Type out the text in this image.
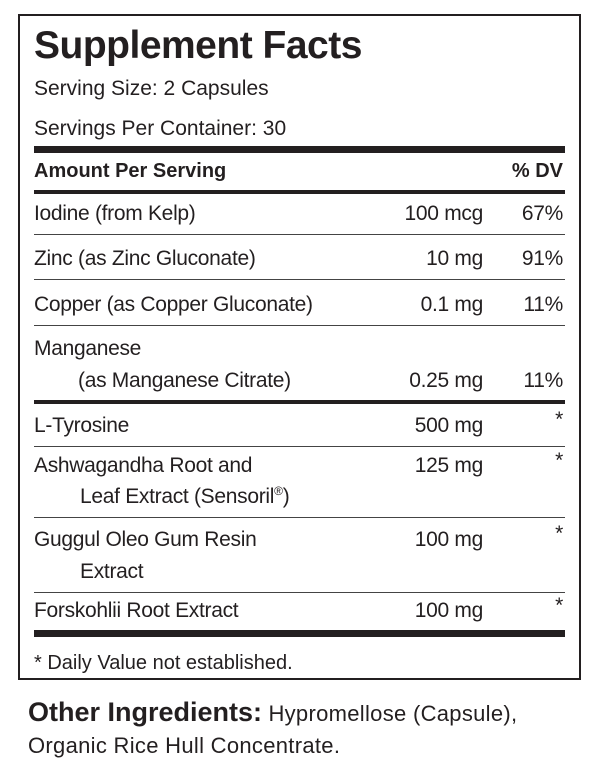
Supplement Facts
Serving Size: 2 Capsules
Servings Per Container: 30
Amount Per Serving	% DV
Iodine (from Kelp)	100 mcg 67%
Zinc (as Zinc Gluconate)	10 mg 91%
Copper (as Copper Gluconate)	0.1 mg 11%
Manganese
(as Manganese Citrate)	0.25 mg 11%
L-Tyrosine	500 mg	*
Ashwagandha Root and
Leaf Extract (Sensoril®)
125 mg	*
Guggul Oleo Gum Resin
Extract
100 mg	*
Forskohlii Root Extract	100 mg	*
* Daily Value not established.
Other Ingredients: Hypromellose (Capsule), Organic Rice Hull Concentrate.
